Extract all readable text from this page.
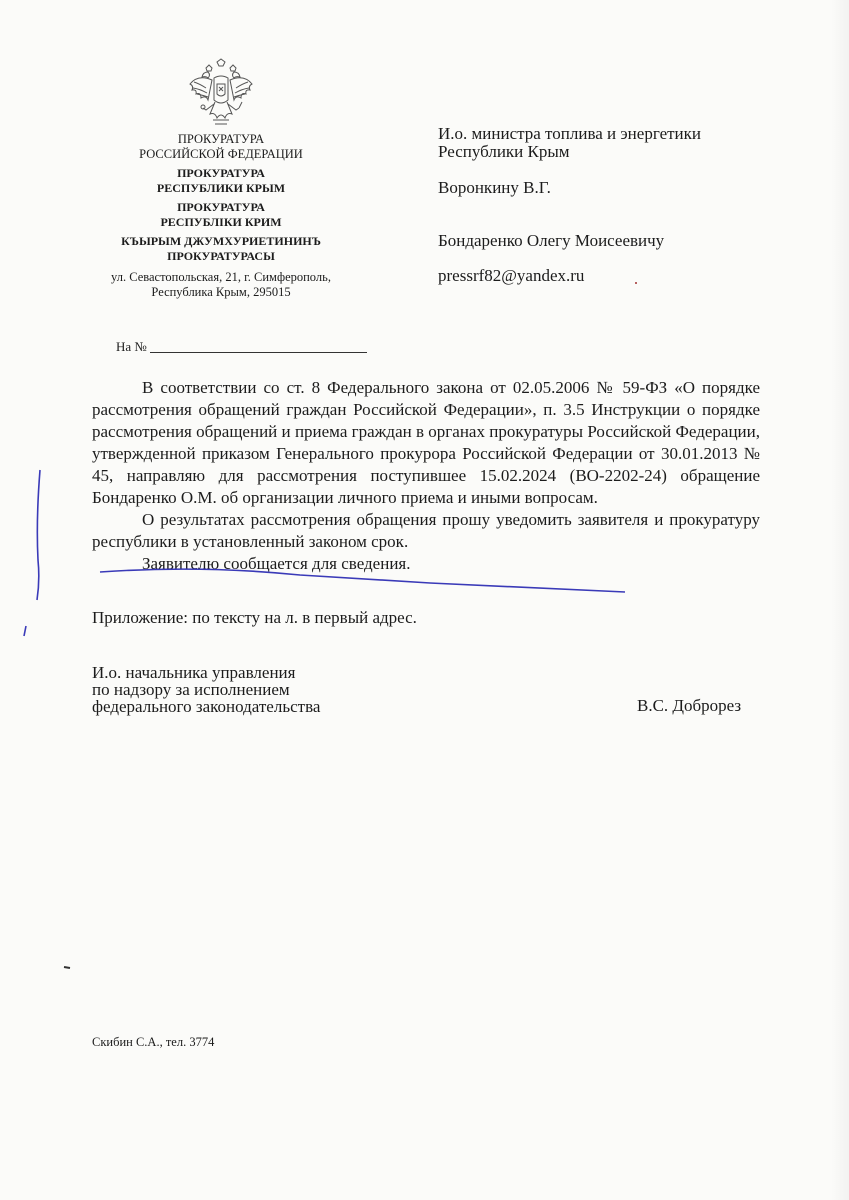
ПРОКУРАТУРА
РОССИЙСКОЙ ФЕДЕРАЦИИ
ПРОКУРАТУРА
РЕСПУБЛИКИ КРЫМ
ПРОКУРАТУРА
РЕСПУБЛІКИ КРИМ
КЪЫРЫМ ДЖУМХУРИЕТИНИНЪ
ПРОКУРАТУРАСЫ
ул. Севастопольская, 21, г. Симферополь,
Республика Крым, 295015
И.о. министра топлива и энергетики
Республики Крым
Воронкину В.Г.
Бондаренко Олегу Моисеевичу
pressrf82@yandex.ru
На №

В соответствии со ст. 8 Федерального закона от 02.05.2006 № 59-ФЗ «О порядке рассмотрения обращений граждан Российской Федерации», п. 3.5 Инструкции о порядке рассмотрения обращений и приема граждан в органах прокуратуры Российской Федерации, утвержденной приказом Генерального прокурора Российской Федерации от 30.01.2013 № 45, направляю для рассмотрения поступившее 15.02.2024 (ВО-2202-24) обращение Бондаренко О.М. об организации личного приема и иными вопросам.

О результатах рассмотрения обращения прошу уведомить заявителя и прокуратуру республики в установленный законом срок.

Заявителю сообщается для сведения.

Приложение: по тексту на л. в первый адрес.
И.о. начальника управления
по надзору за исполнением
федерального законодательства	В.С. Доброрез
Скибин С.А., тел. 3774
